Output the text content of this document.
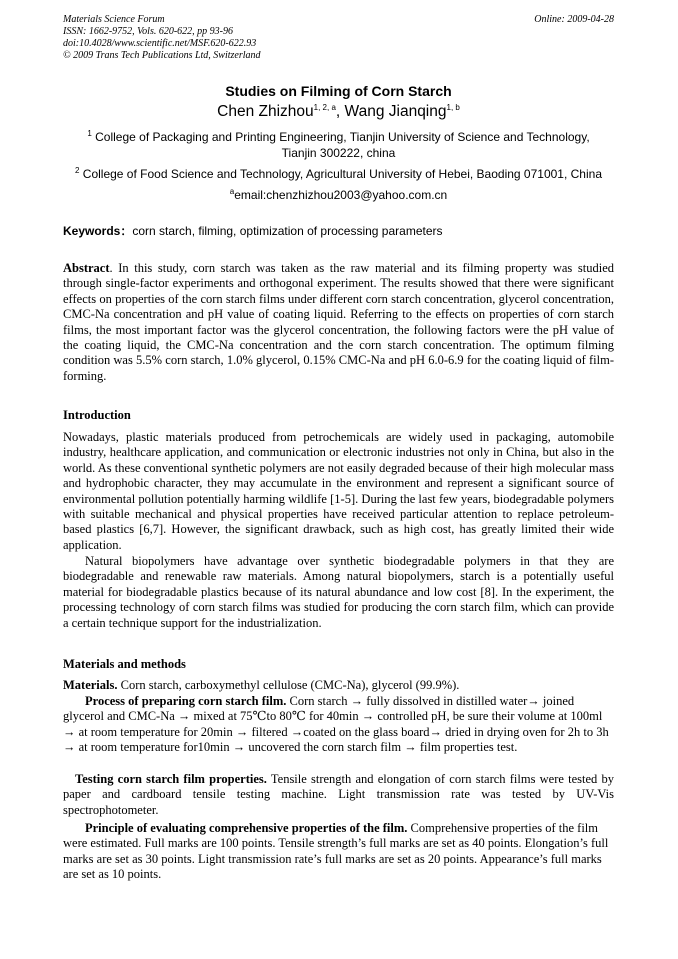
Materials Science Forum
ISSN: 1662-9752, Vols. 620-622, pp 93-96
doi:10.4028/www.scientific.net/MSF.620-622.93
© 2009 Trans Tech Publications Ltd, Switzerland
Online: 2009-04-28
Studies on Filming of Corn Starch
Chen Zhizhou$^{1, 2, a}$, Wang Jianqing$^{1, b}$
$^1$ College of Packaging and Printing Engineering, Tianjin University of Science and Technology, Tianjin 300222, china
$^2$ College of Food Science and Technology, Agricultural University of Hebei, Baoding 071001, China
$^a$email:chenzhizhou2003@yahoo.com.cn
Keywords：corn starch, filming, optimization of processing parameters

Abstract. In this study, corn starch was taken as the raw material and its filming property was studied through single-factor experiments and orthogonal experiment. The results showed that there were significant effects on properties of the corn starch films under different corn starch concentration, glycerol concentration, CMC-Na concentration and pH value of coating liquid. Referring to the effects on properties of corn starch films, the most important factor was the glycerol concentration, the following factors were the pH value of the coating liquid, the CMC-Na concentration and the corn starch concentration. The optimum filming condition was 5.5% corn starch, 1.0% glycerol, 0.15% CMC-Na and pH 6.0-6.9 for the coating liquid of film-forming.

Introduction

Nowadays, plastic materials produced from petrochemicals are widely used in packaging, automobile industry, healthcare application, and communication or electronic industries not only in China, but also in the world. As these conventional synthetic polymers are not easily degraded because of their high molecular mass and hydrophobic character, they may accumulate in the environment and represent a significant source of environmental pollution potentially harming wildlife [1-5]. During the last few years, biodegradable polymers with suitable mechanical and physical properties have received particular attention to replace petroleum-based plastics [6,7]. However, the significant drawback, such as high cost, has greatly limited their wide application.

Natural biopolymers have advantage over synthetic biodegradable polymers in that they are biodegradable and renewable raw materials. Among natural biopolymers, starch is a potentially useful material for biodegradable plastics because of its natural abundance and low cost [8]. In the experiment, the processing technology of corn starch films was studied for producing the corn starch film, which can provide a certain technique support for the industrialization.

Materials and methods

Materials. Corn starch, carboxymethyl cellulose (CMC-Na), glycerol (99.9%).

Process of preparing corn starch film. Corn starch → fully dissolved in distilled water→ joined glycerol and CMC-Na → mixed at 75℃to 80℃ for 40min → controlled pH, be sure their volume at 100ml → at room temperature for 20min → filtered →coated on the glass board→ dried in drying oven for 2h to 3h → at room temperature for10min → uncovered the corn starch film → film properties test.

Testing corn starch film properties. Tensile strength and elongation of corn starch films were tested by paper and cardboard tensile testing machine. Light transmission rate was tested by UV-Vis spectrophotometer.

Principle of evaluating comprehensive properties of the film. Comprehensive properties of the film were estimated. Full marks are 100 points. Tensile strength’s full marks are set as 40 points. Elongation’s full marks are set as 30 points. Light transmission rate’s full marks are set as 20 points. Appearance’s full marks are set as 10 points.
